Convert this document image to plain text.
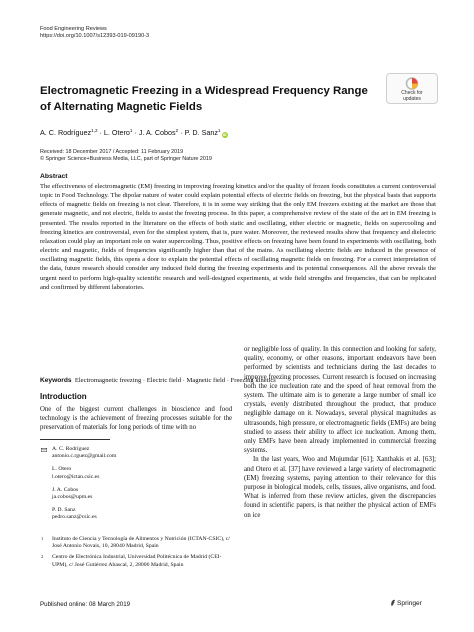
Food Engineering Reviews
https://doi.org/10.1007/s12393-019-09190-3
Check for
updates
Electromagnetic Freezing in a Widespread Frequency Range of Alternating Magnetic Fields
A. C. Rodríguez$^{1,2}$ · L. Otero$^1$ · J. A. Cobos$^2$ · P. D. Sanz$^1$iD
Received: 18 December 2017 / Accepted: 11 February 2019
© Springer Science+Business Media, LLC, part of Springer Nature 2019
Abstract
The effectiveness of electromagnetic (EM) freezing in improving freezing kinetics and/or the quality of frozen foods constitutes a current controversial topic in Food Technology. The dipolar nature of water could explain potential effects of electric fields on freezing, but the physical basis that supports effects of magnetic fields on freezing is not clear. Therefore, it is in some way striking that the only EM freezers existing at the market are those that generate magnetic, and not electric, fields to assist the freezing process. In this paper, a comprehensive review of the state of the art in EM freezing is presented. The results reported in the literature on the effects of both static and oscillating, either electric or magnetic, fields on supercooling and freezing kinetics are controversial, even for the simplest system, that is, pure water. Moreover, the reviewed results show that frequency and dielectric relaxation could play an important role on water supercooling. Thus, positive effects on freezing have been found in experiments with oscillating, both electric and magnetic, fields of frequencies significantly higher than that of the mains. As oscillating electric fields are induced in the presence of oscillating magnetic fields, this opens a door to explain the potential effects of oscillating magnetic fields on freezing. For a correct interpretation of the data, future research should consider any induced field during the freezing experiments and its potential consequences. All the above reveals the urgent need to perform high-quality scientific research and well-designed experiments, at wide field strengths and frequencies, that can be replicated and confirmed by different laboratories.
Keywords Electromagnetic freezing · Electric field · Magnetic field · Freezing kinetics
Introduction
One of the biggest current challenges in bioscience and food technology is the achievement of freezing processes suitable for the preservation of materials for long periods of time with no
A. C. Rodríguez
antonio.c.rguez@gmail.com
L. Otero
l.otero@ictan.csic.es
J. A. Cobos
ja.cobos@upm.es
P. D. Sanz
pedro.sanz@csic.es
1 Instituto de Ciencia y Tecnología de Alimentos y Nutrición (ICTAN-CSIC), c/ José Antonio Novais, 10, 28040 Madrid, Spain
2 Centro de Electrónica Industrial, Universidad Politécnica de Madrid (CEI-UPM), c/ José Gutiérrez Abascal, 2, 28006 Madrid, Spain

or negligible loss of quality. In this connection and looking for safety, quality, economy, or other reasons, important endeavors have been performed by scientists and technicians during the last decades to improve freezing processes. Current research is focused on increasing both the ice nucleation rate and the speed of heat removal from the system. The ultimate aim is to generate a large number of small ice crystals, evenly distributed throughout the product, that produce negligible damage on it. Nowadays, several physical magnitudes as ultrasounds, high pressure, or electromagnetic fields (EMFs) are being studied to assess their ability to affect ice nucleation. Among them, only EMFs have been already implemented in commercial freezing systems.

In the last years, Woo and Mujumdar [61]; Xanthakis et al. [63]; and Otero et al. [37] have reviewed a large variety of electromagnetic (EM) freezing systems, paying attention to their relevance for this purpose in biological models, cells, tissues, alive organisms, and food. What is inferred from these review articles, given the discrepancies found in scientific papers, is that neither the physical action of EMFs on ice

Published online: 08 March 2019	Springer
